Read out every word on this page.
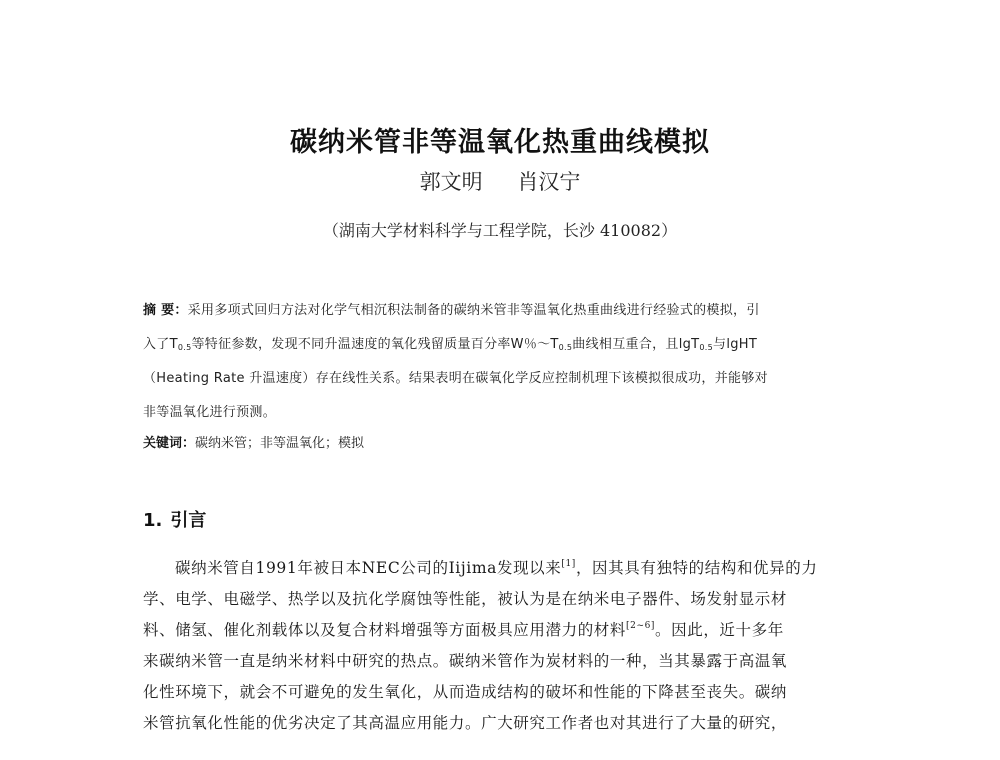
碳纳米管非等温氧化热重曲线模拟
郭文明 肖汉宁
（湖南大学材料科学与工程学院，长沙 410082）
摘 要：采用多项式回归方法对化学气相沉积法制备的碳纳米管非等温氧化热重曲线进行经验式的模拟，引
入了$T_{0.5}$等特征参数，发现不同升温速度的氧化残留质量百分率W％$\sim T_{0.5}$曲线相互重合，且lgT$_{0.5}$与lgHT
（Heating Rate 升温速度）存在线性关系。结果表明在碳氧化学反应控制机理下该模拟很成功，并能够对
非等温氧化进行预测。
关键词：碳纳米管；非等温氧化；模拟
1. 引言
碳纳米管自1991年被日本NEC公司的Iijima发现以来[1]，因其具有独特的结构和优异的力
学、电学、电磁学、热学以及抗化学腐蚀等性能，被认为是在纳米电子器件、场发射显示材
料、储氢、催化剂载体以及复合材料增强等方面极具应用潜力的材料[2~6]。因此，近十多年
来碳纳米管一直是纳米材料中研究的热点。碳纳米管作为炭材料的一种，当其暴露于高温氧
化性环境下，就会不可避免的发生氧化，从而造成结构的破坏和性能的下降甚至丧失。碳纳
米管抗氧化性能的优劣决定了其高温应用能力。广大研究工作者也对其进行了大量的研究，
